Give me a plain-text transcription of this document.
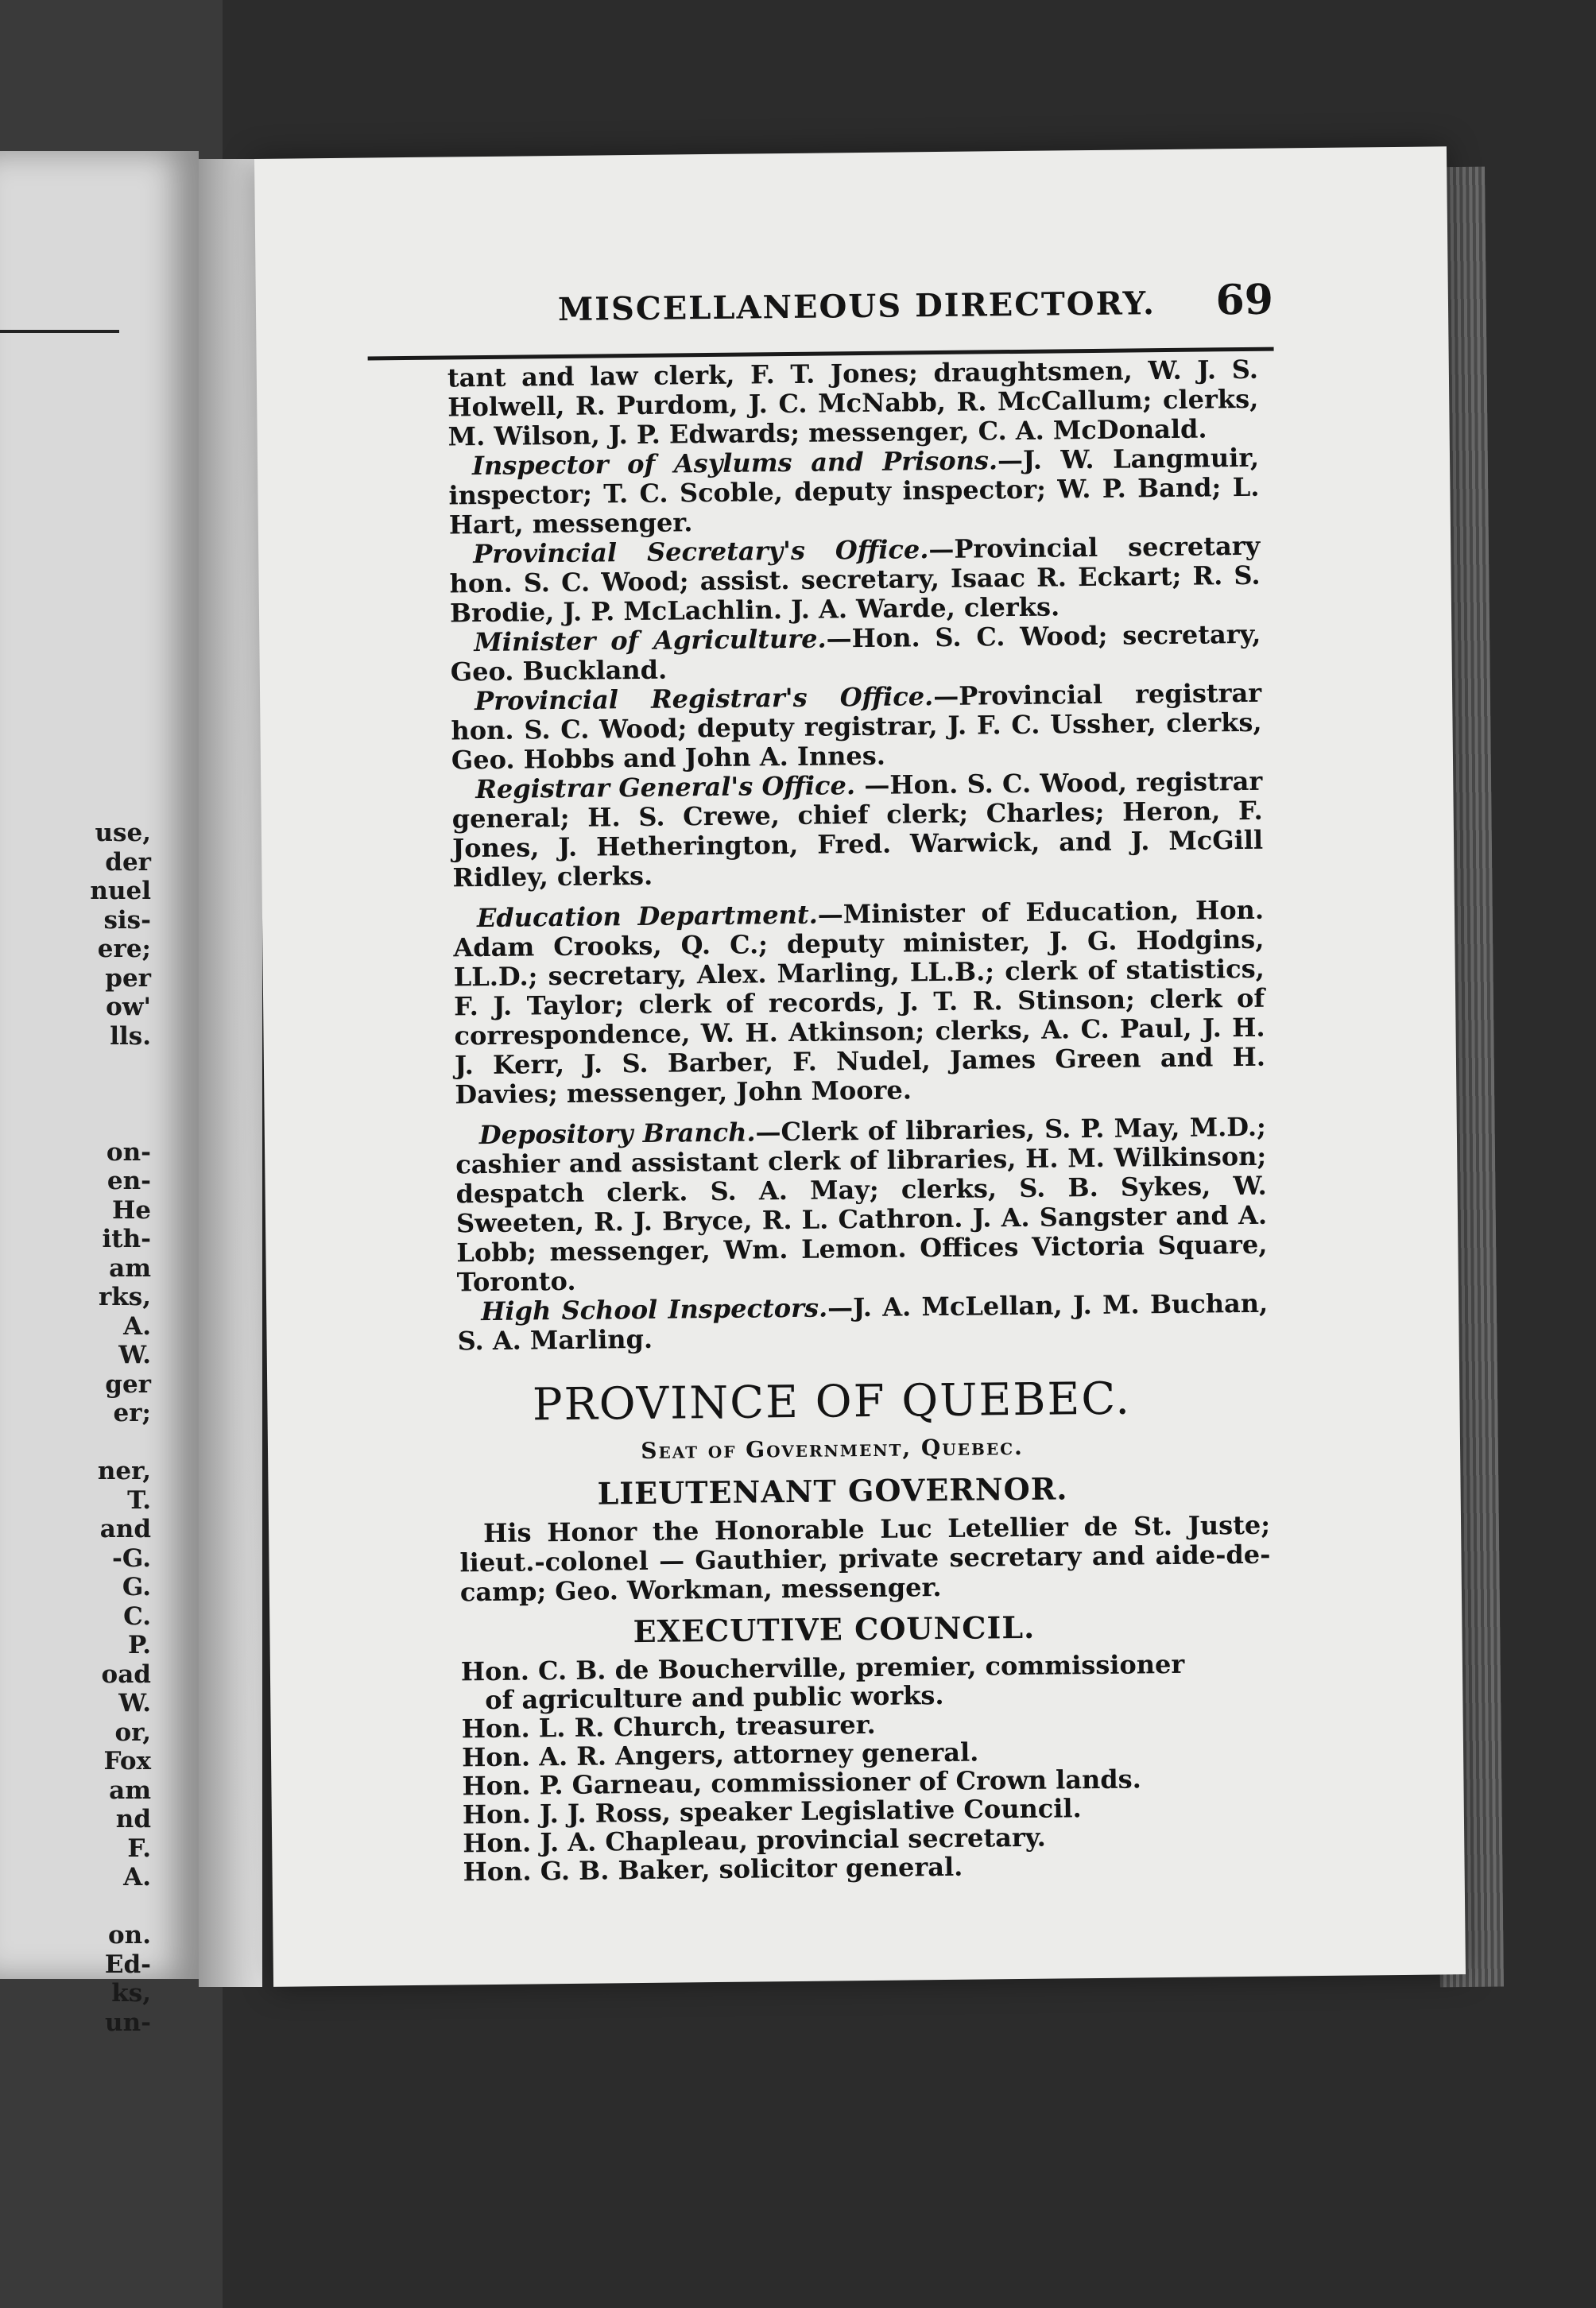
use,
der
nuel
sis-
ere;
per
ow'
lls.
on-
en-
He
ith-
am
rks,
A.
W.
ger
er;
ner,
T.
and
-G.
G.
C.
P.
oad
W.
or,
Fox
am
nd
F.
A.
on.
Ed-
ks,
un-
MISCELLANEOUS DIRECTORY. 69

tant and law clerk, F. T. Jones; draughtsmen, W. J. S. Holwell, R. Purdom, J. C. McNabb, R. McCallum; clerks, M. Wilson, J. P. Edwards; messenger, C. A. McDonald.

Inspector of Asylums and Prisons.—J. W. Langmuir, inspector; T. C. Scoble, deputy inspector; W. P. Band; L. Hart, messenger.

Provincial Secretary's Office.—Provincial secretary hon. S. C. Wood; assist. secretary, Isaac R. Eckart; R. S. Brodie, J. P. McLachlin. J. A. Warde, clerks.

Minister of Agriculture.—Hon. S. C. Wood; secretary, Geo. Buckland.

Provincial Registrar's Office.—Provincial registrar hon. S. C. Wood; deputy registrar, J. F. C. Ussher, clerks, Geo. Hobbs and John A. Innes.

Registrar General's Office. —Hon. S. C. Wood, registrar general; H. S. Crewe, chief clerk; Charles; Heron, F. Jones, J. Hetherington, Fred. Warwick, and J. McGill Ridley, clerks.

Education Department.—Minister of Education, Hon. Adam Crooks, Q. C.; deputy minister, J. G. Hodgins, LL.D.; secretary, Alex. Marling, LL.B.; clerk of statistics, F. J. Taylor; clerk of records, J. T. R. Stinson; clerk of correspondence, W. H. Atkinson; clerks, A. C. Paul, J. H. J. Kerr, J. S. Barber, F. Nudel, James Green and H. Davies; messenger, John Moore.

Depository Branch.—Clerk of libraries, S. P. May, M.D.; cashier and assistant clerk of libraries, H. M. Wilkinson; despatch clerk. S. A. May; clerks, S. B. Sykes, W. Sweeten, R. J. Bryce, R. L. Cathron. J. A. Sangster and A. Lobb; messenger, Wm. Lemon. Offices Victoria Square, Toronto.

High School Inspectors.—J. A. McLellan, J. M. Buchan, S. A. Marling.

PROVINCE OF QUEBEC.
Seat of Government, Quebec.
LIEUTENANT GOVERNOR.

His Honor the Honorable Luc Letellier de St. Juste; lieut.-colonel — Gauthier, private secretary and aide-de-camp; Geo. Workman, messenger.

EXECUTIVE COUNCIL.
Hon. C. B. de Boucherville, premier, commissioner
of agriculture and public works.
Hon. L. R. Church, treasurer.
Hon. A. R. Angers, attorney general.
Hon. P. Garneau, commissioner of Crown lands.
Hon. J. J. Ross, speaker Legislative Council.
Hon. J. A. Chapleau, provincial secretary.
Hon. G. B. Baker, solicitor general.
